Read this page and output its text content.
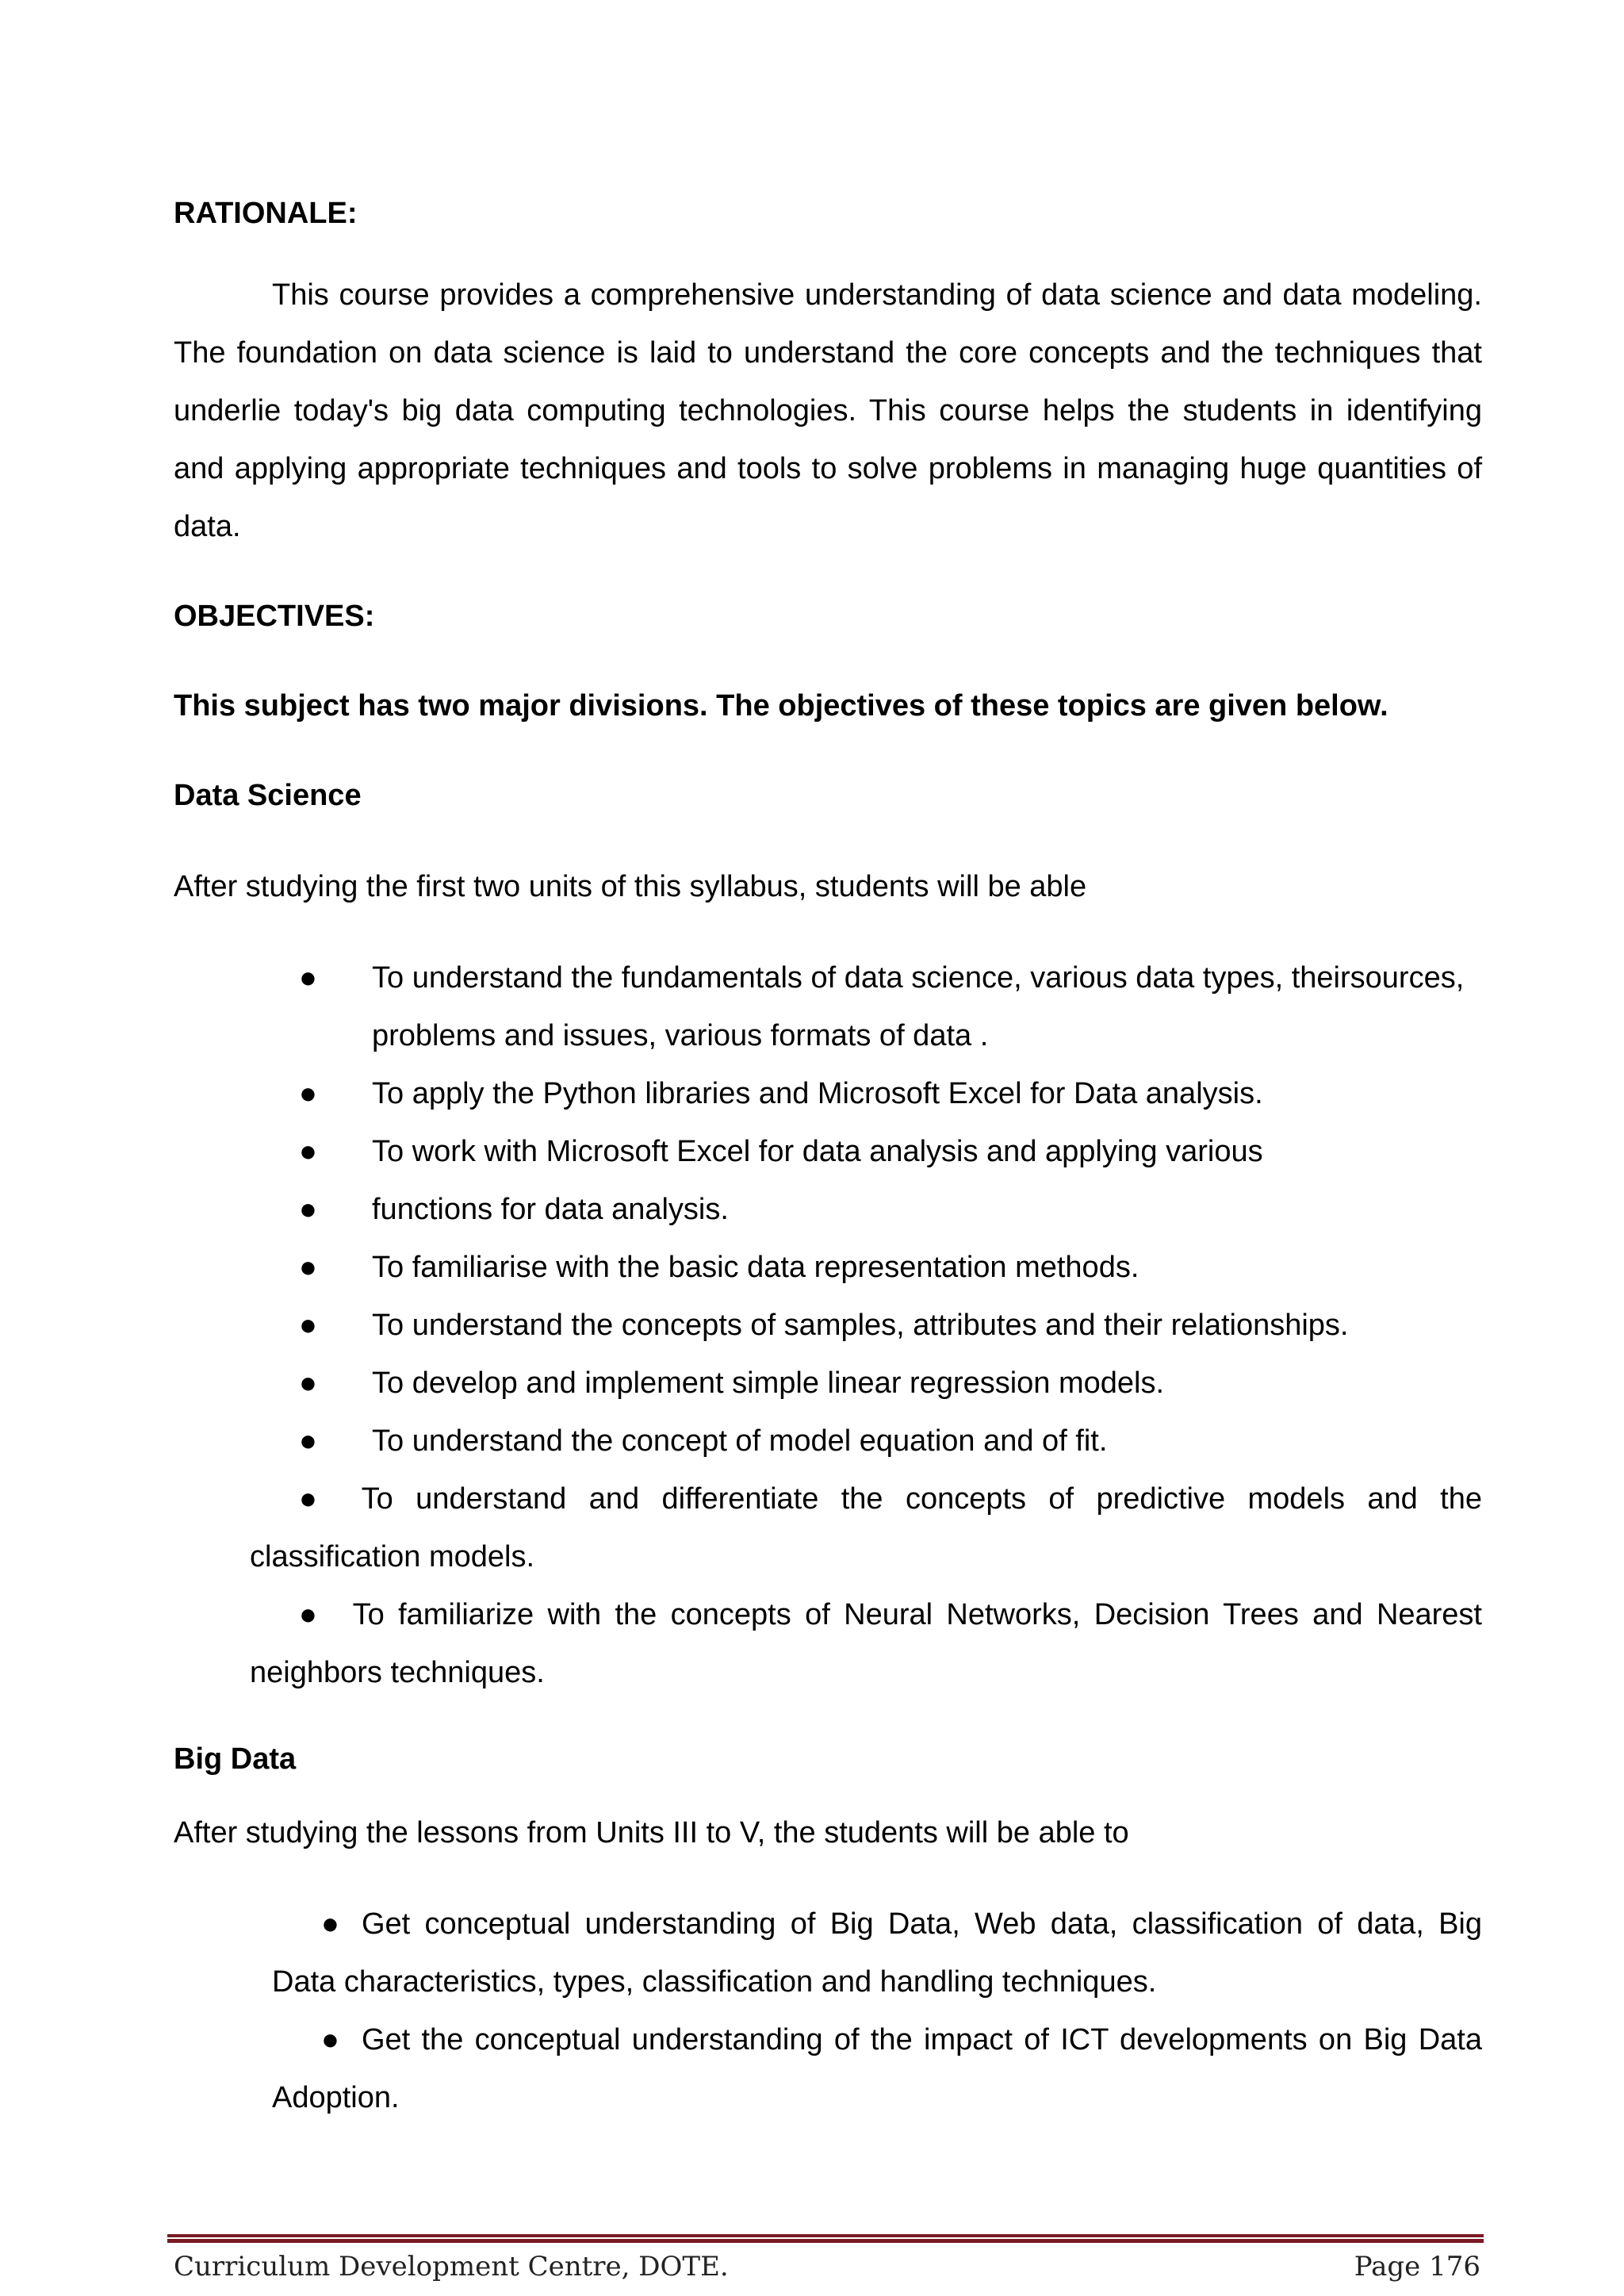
RATIONALE:

This course provides a comprehensive understanding of data science and data modeling. The foundation on data science is laid to understand the core concepts and the techniques that underlie today's big data computing technologies. This course helps the students in identifying and applying appropriate techniques and tools to solve problems in managing huge quantities of data.

OBJECTIVES:

This subject has two major divisions. The objectives of these topics are given below.

Data Science

After studying the first two units of this syllabus, students will be able

● To understand the fundamentals of data science, various data types, theirsources, problems and issues, various formats of data .
● To apply the Python libraries and Microsoft Excel for Data analysis.
● To work with Microsoft Excel for data analysis and applying various
● functions for data analysis.
● To familiarise with the basic data representation methods.
● To understand the concepts of samples, attributes and their relationships.
● To develop and implement simple linear regression models.
● To understand the concept of model equation and of fit.
● To understand and differentiate the concepts of predictive models and the classification models.
● To familiarize with the concepts of Neural Networks, Decision Trees and Nearest neighbors techniques.
Big Data

After studying the lessons from Units III to V, the students will be able to

● Get conceptual understanding of Big Data, Web data, classification of data, Big Data characteristics, types, classification and handling techniques.
● Get the conceptual understanding of the impact of ICT developments on Big Data Adoption.
Curriculum Development Centre, DOTE.	Page 176
